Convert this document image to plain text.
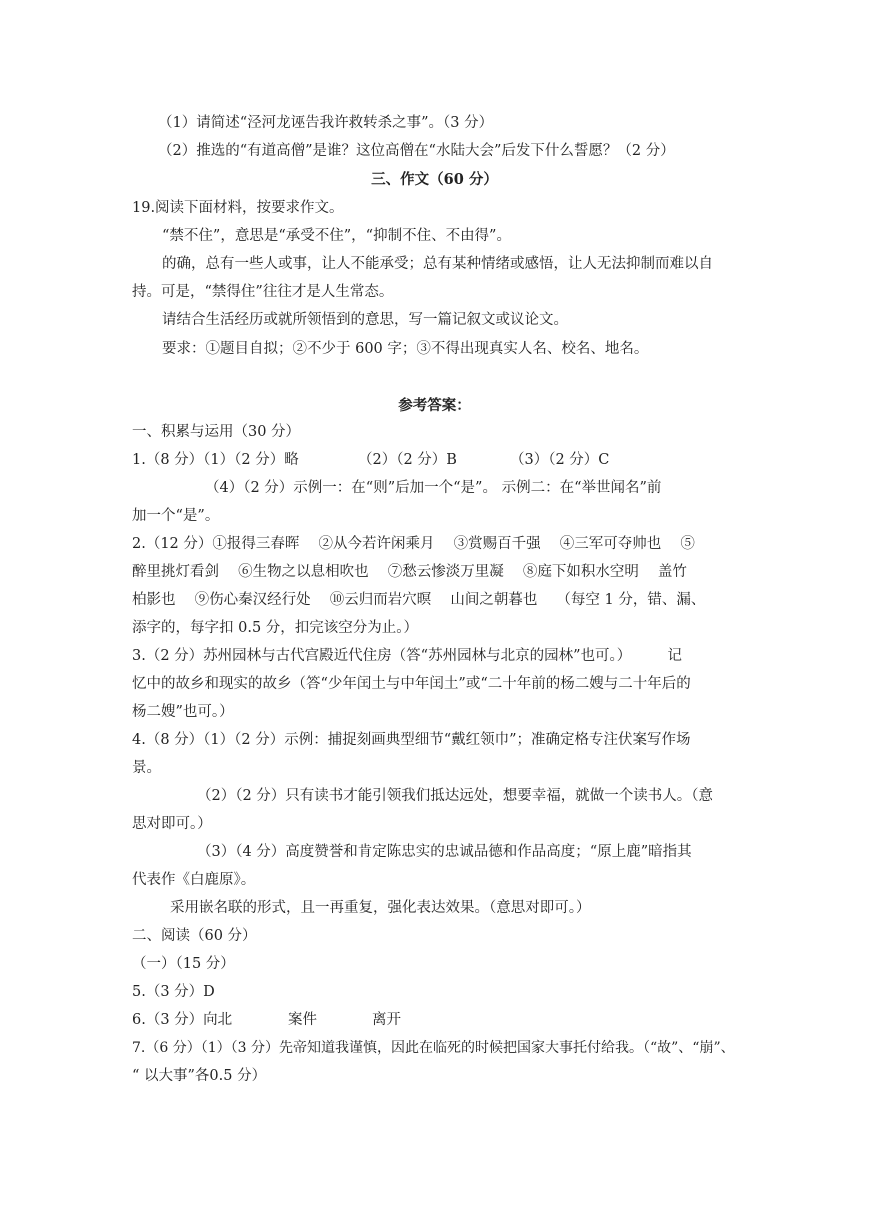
（1）请简述“泾河龙诬告我许救转杀之事”。（3 分）
（2）推选的“有道高僧”是谁？这位高僧在“水陆大会”后发下什么誓愿？（2 分）
三、作文（60 分）
19.阅读下面材料，按要求作文。
“禁不住”，意思是“承受不住”，“抑制不住、不由得”。
的确，总有一些人或事，让人不能承受；总有某种情绪或感悟，让人无法抑制而难以自
持。可是，“禁得住”往往才是人生常态。
请结合生活经历或就所领悟到的意思，写一篇记叙文或议论文。
要求：①题目自拟；②不少于 600 字；③不得出现真实人名、校名、地名。
参考答案：
一、积累与运用（30 分）
1.（8 分）（1）（2 分）略	（2）（2 分）B	（3）（2 分）C
（4）（2 分）示例一：在“则”后加一个“是”。 示例二：在“举世闻名”前
加一个“是”。
2.（12 分）①报得三春晖　 ②从今若许闲乘月　 ③赏赐百千强　 ④三军可夺帅也　 ⑤
醉里挑灯看剑　 ⑥生物之以息相吹也　 ⑦愁云惨淡万里凝　 ⑧庭下如积水空明　 盖竹
柏影也　 ⑨伤心秦汉经行处　 ⑩云归而岩穴暝　 山间之朝暮也　 （每空 1 分，错、漏、
添字的，每字扣 0.5 分，扣完该空分为止。）
3.（2 分）苏州园林与古代宫殿近代住房（答“苏州园林与北京的园林”也可。）　　　记
忆中的故乡和现实的故乡（答“少年闰土与中年闰土”或“二十年前的杨二嫂与二十年后的
杨二嫂”也可。）
4.（8 分）（1）（2 分）示例：捕捉刻画典型细节“戴红领巾”；准确定格专注伏案写作场
景。
（2）（2 分）只有读书才能引领我们抵达远处，想要幸福，就做一个读书人。（意
思对即可。）
（3）（4 分）高度赞誉和肯定陈忠实的忠诚品德和作品高度；“原上鹿”暗指其
代表作《白鹿原》。
采用嵌名联的形式，且一再重复，强化表达效果。（意思对即可。）
二、阅读（60 分）
（一）（15 分）
5.（3 分）D
6.（3 分）向北	案件	离开
7.（6 分）（1）（3 分）先帝知道我谨慎，因此在临死的时候把国家大事托付给我。（“故”、“崩”、
“ 以大事”各0.5 分）
